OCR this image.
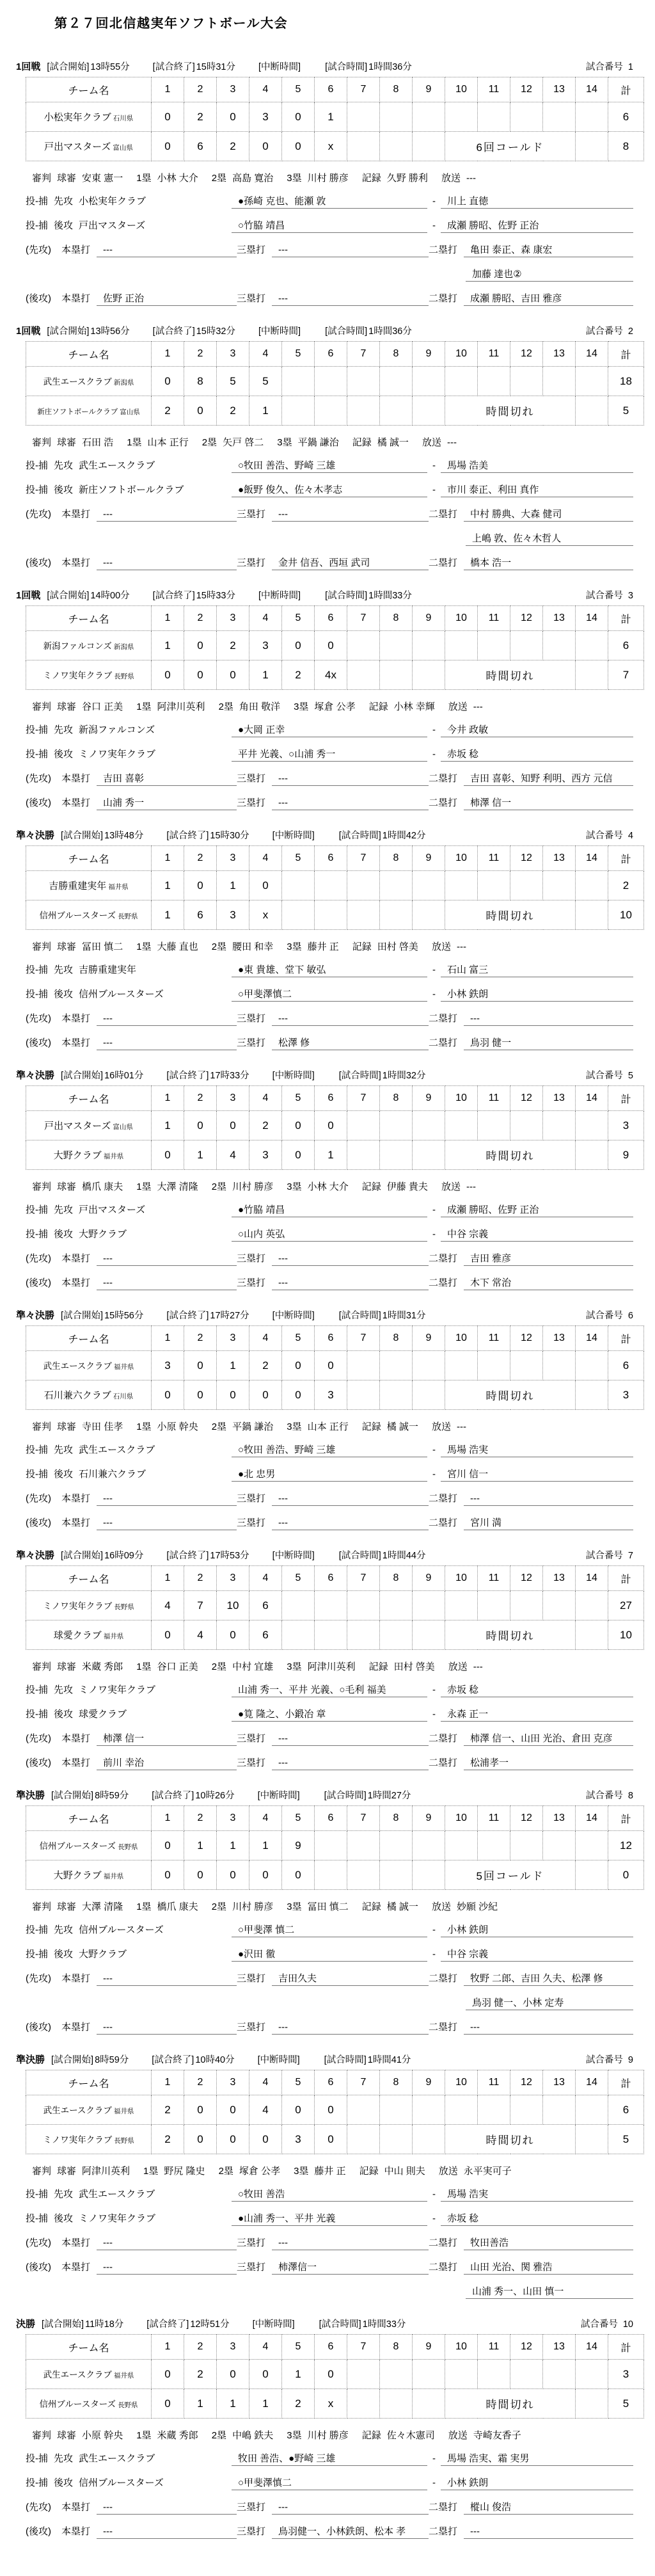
第２７回北信越実年ソフトボール大会
1回戦 [試合開始] 13時55分 [試合終了] 15時31分 [中断時間]	[試合時間] 1時間36分	試合番号 1
チーム名	1	2	3	4	5	6	7	8	9	10	11	12	13	14	計
小松実年クラブ 石川県	0	2	0	3	0	1									6
戸出マスターズ 富山県	0	6	2	0	0	x				6回コールド					8
審判 球審 安東 憲一 1塁 小林 大介 2塁 高島 寛治 3塁 川村 勝彦 記録 久野 勝利 放送 ---
投-捕 先攻 小松実年クラブ	●孫崎 克也、能瀬 敦	-	川上 直徳
投-捕 後攻 戸出マスターズ	○竹脇 靖昌	-	成瀬 勝昭、佐野 正治
(先攻)	本塁打	---	三塁打	---	二塁打	亀田 泰正、森 康宏
加藤 達也②
(後攻)	本塁打	佐野 正治	三塁打	---	二塁打	成瀬 勝昭、吉田 雅彦
1回戦 [試合開始] 13時56分 [試合終了] 15時32分 [中断時間]	[試合時間] 1時間36分	試合番号 2
チーム名	1	2	3	4	5	6	7	8	9	10	11	12	13	14	計
武生エースクラブ 新潟県	0	8	5	5											18
新庄ソフトボールクラブ 富山県	2	0	2	1						時間切れ					5
審判 球審 石田 浩 1塁 山本 正行 2塁 矢戸 啓二 3塁 平鍋 謙治 記録 橘 誠一 放送 ---
投-捕 先攻 武生エースクラブ	○牧田 善浩、野崎 三雄	-	馬場 浩美
投-捕 後攻 新庄ソフトボールクラブ	●飯野 俊久、佐々木孝志	-	市川 泰正、利田 真作
(先攻)	本塁打	---	三塁打	---	二塁打	中村 勝典、大森 健司
上嶋 敦、佐々木哲人
(後攻)	本塁打	---	三塁打	金井 信吾、西垣 武司	二塁打	橋本 浩一
1回戦 [試合開始] 14時00分 [試合終了] 15時33分 [中断時間]	[試合時間] 1時間33分	試合番号 3
チーム名	1	2	3	4	5	6	7	8	9	10	11	12	13	14	計
新潟ファルコンズ 新潟県	1	0	2	3	0	0									6
ミノワ実年クラブ 長野県	0	0	0	1	2	4x				時間切れ					7
審判 球審 谷口 正美 1塁 阿津川英利 2塁 角田 敬洋 3塁 塚倉 公孝 記録 小林 幸輝 放送 ---
投-捕 先攻 新潟ファルコンズ	●大岡 正幸	-	今井 政敏
投-捕 後攻 ミノワ実年クラブ	平井 光義、○山浦 秀一	-	赤坂 稔
(先攻)	本塁打	吉田 喜彰	三塁打	---	二塁打	吉田 喜彰、知野 利明、西方 元信
(後攻)	本塁打	山浦 秀一	三塁打	---	二塁打	柿澤 信一
準々決勝 [試合開始] 13時48分 [試合終了] 15時30分 [中断時間]	[試合時間] 1時間42分	試合番号 4
チーム名	1	2	3	4	5	6	7	8	9	10	11	12	13	14	計
吉勝重建実年 福井県	1	0	1	0											2
信州ブルースターズ 長野県	1	6	3	x						時間切れ					10
審判 球審 冨田 慎二 1塁 大藤 直也 2塁 腰田 和幸 3塁 藤井 正 記録 田村 啓美 放送 ---
投-捕 先攻 吉勝重建実年	●東 貴雄、堂下 敏弘	-	石山 富三
投-捕 後攻 信州ブルースターズ	○甲斐澤慎二	-	小林 鉄朗
(先攻)	本塁打	---	三塁打	---	二塁打	---
(後攻)	本塁打	---	三塁打	松澤 修	二塁打	鳥羽 健一
準々決勝 [試合開始] 16時01分 [試合終了] 17時33分 [中断時間]	[試合時間] 1時間32分	試合番号 5
チーム名	1	2	3	4	5	6	7	8	9	10	11	12	13	14	計
戸出マスターズ 富山県	1	0	0	2	0	0									3
大野クラブ 福井県	0	1	4	3	0	1				時間切れ					9
審判 球審 橋爪 康夫 1塁 大澤 清隆 2塁 川村 勝彦 3塁 小林 大介 記録 伊藤 貴夫 放送 ---
投-捕 先攻 戸出マスターズ	●竹脇 靖昌	-	成瀬 勝昭、佐野 正治
投-捕 後攻 大野クラブ	○山内 英弘	-	中谷 宗義
(先攻)	本塁打	---	三塁打	---	二塁打	吉田 雅彦
(後攻)	本塁打	---	三塁打	---	二塁打	木下 常治
準々決勝 [試合開始] 15時56分 [試合終了] 17時27分 [中断時間]	[試合時間] 1時間31分	試合番号 6
チーム名	1	2	3	4	5	6	7	8	9	10	11	12	13	14	計
武生エースクラブ 福井県	3	0	1	2	0	0									6
石川兼六クラブ 石川県	0	0	0	0	0	3				時間切れ					3
審判 球審 寺田 佳孝 1塁 小原 幹央 2塁 平鍋 謙治 3塁 山本 正行 記録 橘 誠一 放送 ---
投-捕 先攻 武生エースクラブ	○牧田 善浩、野崎 三雄	-	馬場 浩実
投-捕 後攻 石川兼六クラブ	●北 忠男	-	宮川 信一
(先攻)	本塁打	---	三塁打	---	二塁打	---
(後攻)	本塁打	---	三塁打	---	二塁打	宮川 満
準々決勝 [試合開始] 16時09分 [試合終了] 17時53分 [中断時間]	[試合時間] 1時間44分	試合番号 7
チーム名	1	2	3	4	5	6	7	8	9	10	11	12	13	14	計
ミノワ実年クラブ 長野県	4	7	10	6											27
球愛クラブ 福井県	0	4	0	6						時間切れ					10
審判 球審 米蔵 秀郎 1塁 谷口 正美 2塁 中村 宜雄 3塁 阿津川英利 記録 田村 啓美 放送 ---
投-捕 先攻 ミノワ実年クラブ	山浦 秀一、平井 光義、○毛利 福美	-	赤坂 稔
投-捕 後攻 球愛クラブ	●筧 隆之、小鍛冶 章	-	永森 正一
(先攻)	本塁打	柿澤 信一	三塁打	---	二塁打	柿澤 信一、山田 光治、倉田 克彦
(後攻)	本塁打	前川 幸治	三塁打	---	二塁打	松浦孝一
準決勝 [試合開始] 8時59分 [試合終了] 10時26分 [中断時間]	[試合時間] 1時間27分	試合番号 8
チーム名	1	2	3	4	5	6	7	8	9	10	11	12	13	14	計
信州ブルースターズ 長野県	0	1	1	1	9										12
大野クラブ 福井県	0	0	0	0	0					5回コールド					0
審判 球審 大澤 清隆 1塁 橋爪 康夫 2塁 川村 勝彦 3塁 冨田 慎二 記録 橘 誠一 放送 妙願 沙紀
投-捕 先攻 信州ブルースターズ	○甲斐澤 慎二	-	小林 鉄朗
投-捕 後攻 大野クラブ	●沢田 徹	-	中谷 宗義
(先攻)	本塁打	---	三塁打	吉田久夫	二塁打	牧野 二郎、吉田 久夫、松澤 修
鳥羽 健一、小林 定寿
(後攻)	本塁打	---	三塁打	---	二塁打	---
準決勝 [試合開始] 8時59分 [試合終了] 10時40分 [中断時間]	[試合時間] 1時間41分	試合番号 9
チーム名	1	2	3	4	5	6	7	8	9	10	11	12	13	14	計
武生エースクラブ 福井県	2	0	0	4	0	0									6
ミノワ実年クラブ 長野県	2	0	0	0	3	0				時間切れ					5
審判 球審 阿津川英利 1塁 野尻 隆史 2塁 塚倉 公孝 3塁 藤井 正 記録 中山 則夫 放送 永平実可子
投-捕 先攻 武生エースクラブ	○牧田 善浩	-	馬場 浩実
投-捕 後攻 ミノワ実年クラブ	●山浦 秀一、平井 光義	-	赤坂 稔
(先攻)	本塁打	---	三塁打	---	二塁打	牧田善浩
(後攻)	本塁打	---	三塁打	柿澤信一	二塁打	山田 光治、関 雅浩
山浦 秀一、山田 慎一
決勝 [試合開始] 11時18分 [試合終了] 12時51分 [中断時間]	[試合時間] 1時間33分	試合番号 10
チーム名	1	2	3	4	5	6	7	8	9	10	11	12	13	14	計
武生エースクラブ 福井県	0	2	0	0	1	0									3
信州ブルースターズ 長野県	0	1	1	1	2	x				時間切れ					5
審判 球審 小原 幹央 1塁 米蔵 秀郎 2塁 中嶋 鉄夫 3塁 川村 勝彦 記録 佐々木憲司 放送 寺崎友香子
投-捕 先攻 武生エースクラブ	牧田 善浩、●野崎 三雄	-	馬場 浩実、霜 実男
投-捕 後攻 信州ブルースターズ	○甲斐澤慎二	-	小林 鉄朗
(先攻)	本塁打	---	三塁打	---	二塁打	樅山 俊浩
(後攻)	本塁打	---	三塁打	鳥羽健一、小林鉄朗、松本 孝	二塁打	---
